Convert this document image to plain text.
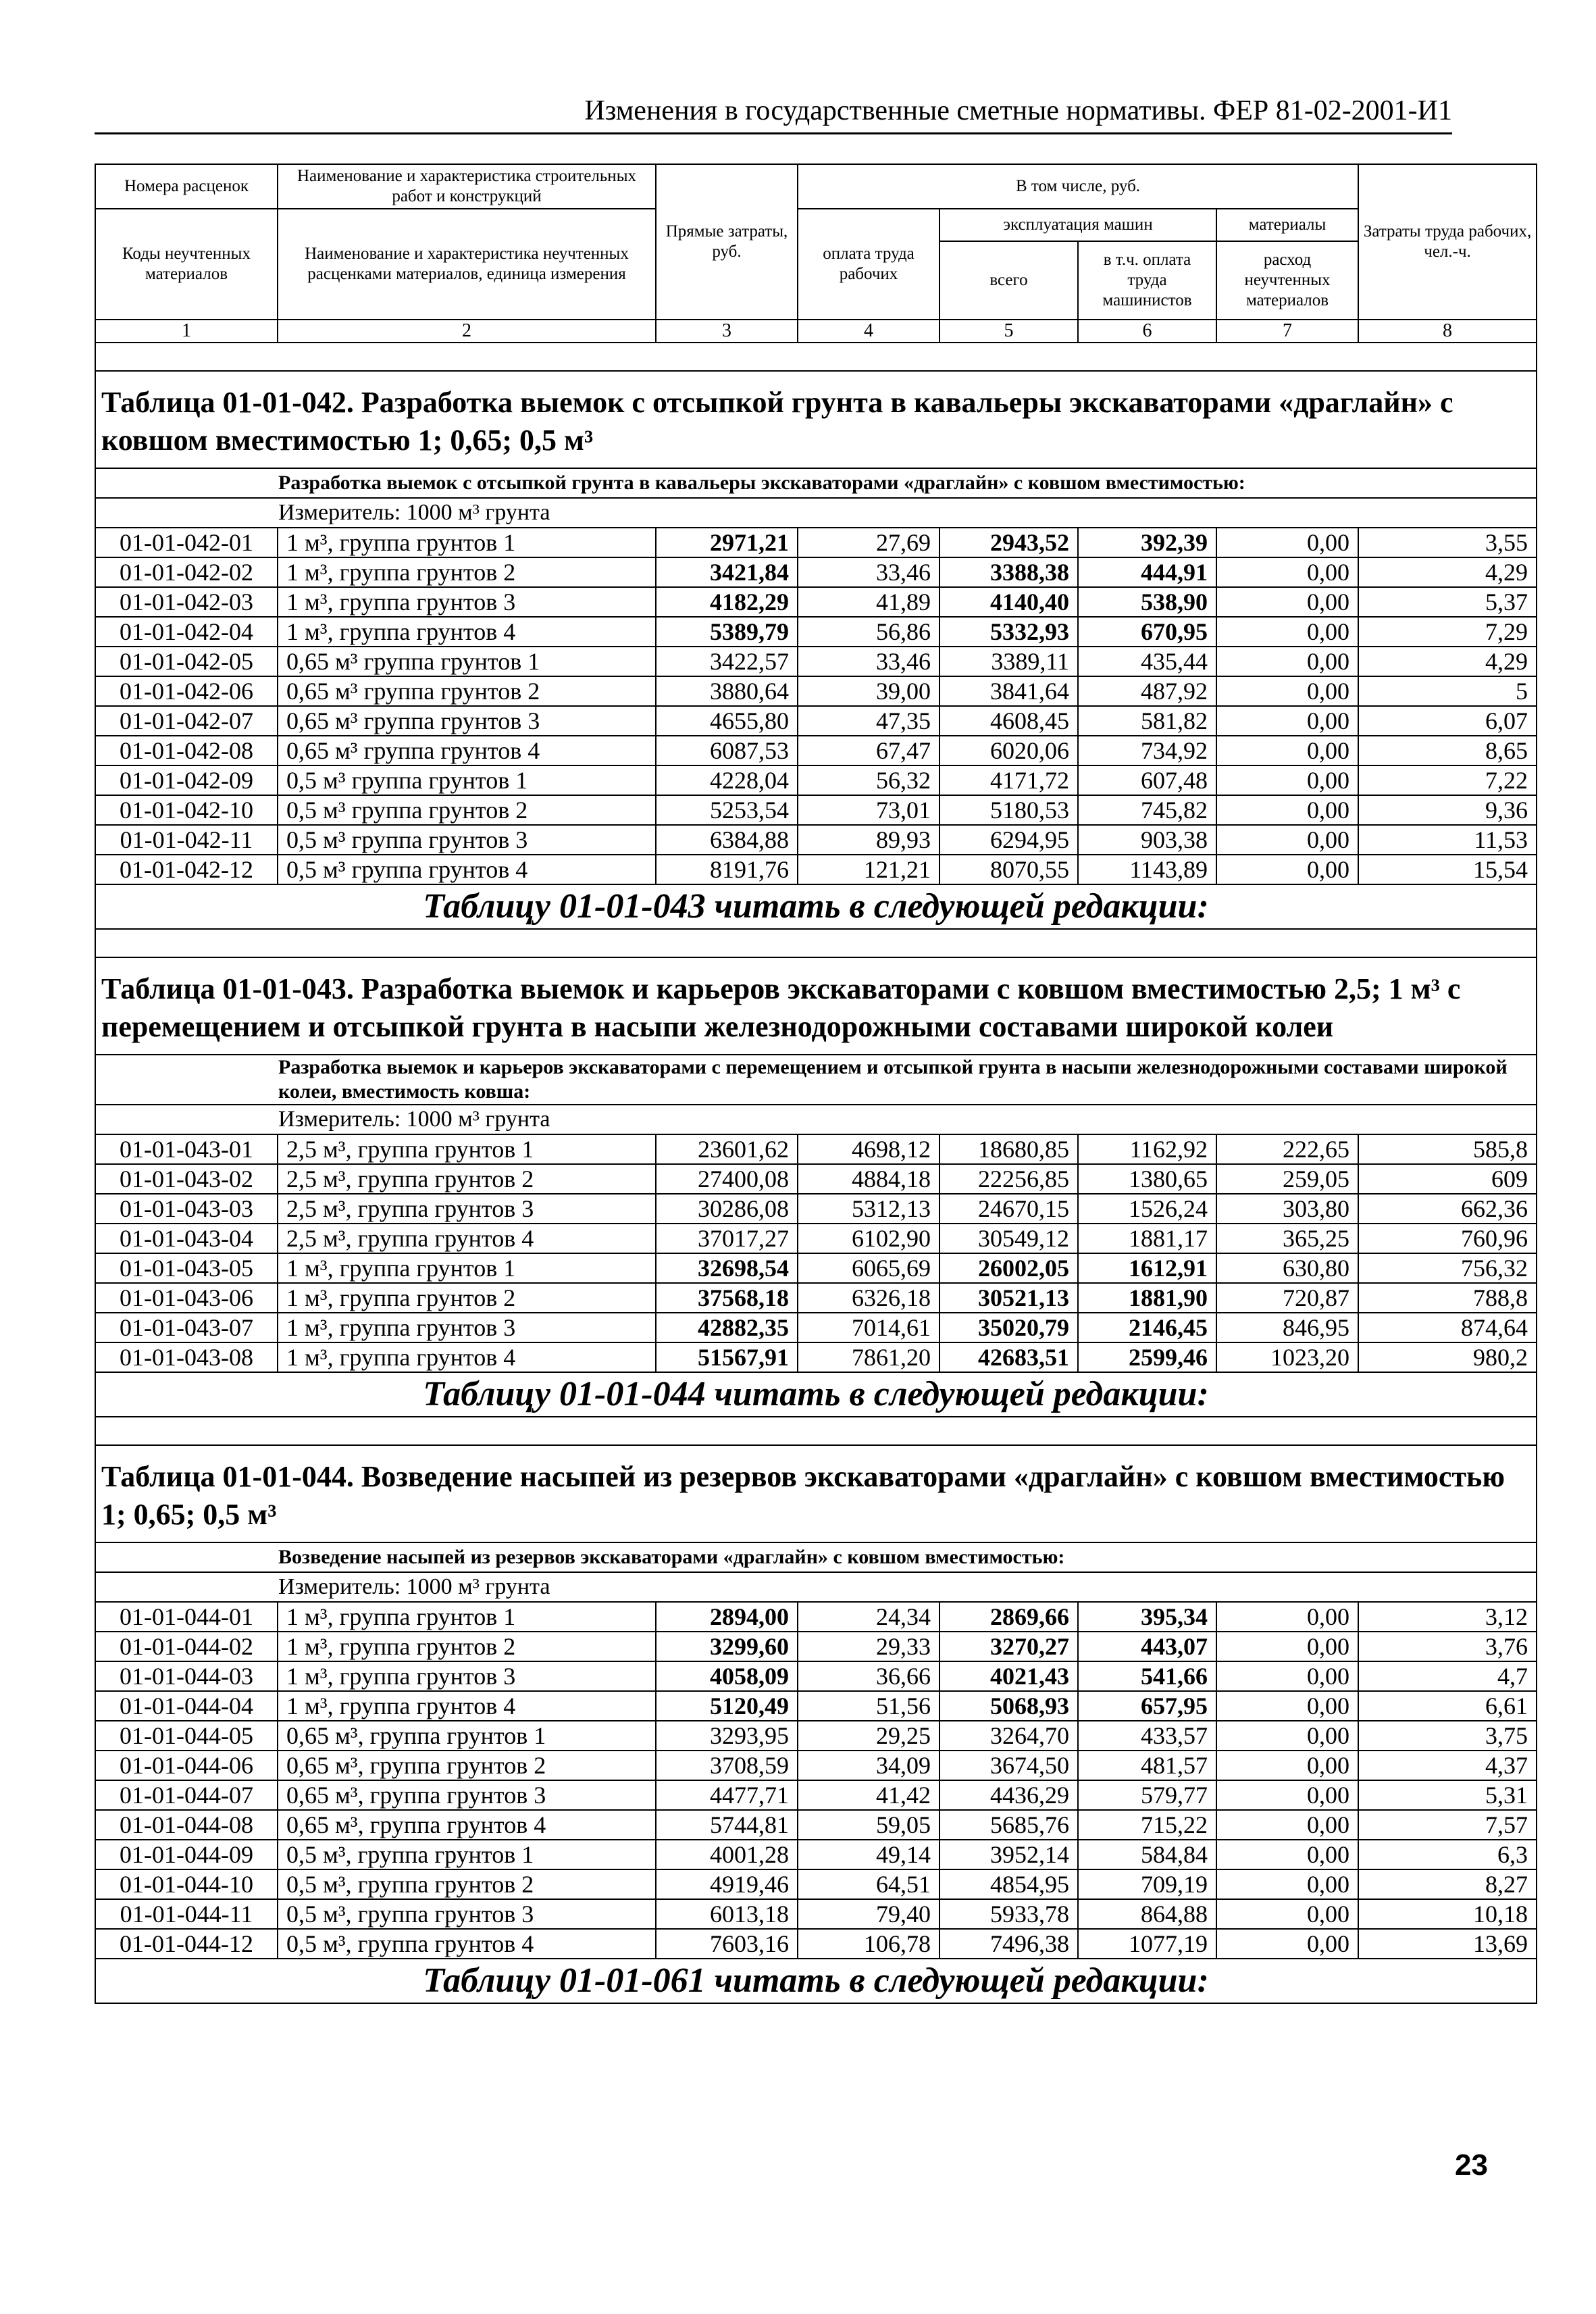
Изменения в государственные сметные нормативы. ФЕР 81-02-2001-И1
Номера расценок	Наименование и характеристика строительных работ и конструкций	Прямые затраты, руб.	В том числе, руб.				Затраты труда рабочих, чел.-ч.
Коды неучтенных материалов	Наименование и характеристика неучтенных расценками материалов, единица измерения		оплата труда рабочих	эксплуатация машин		материалы	
				всего	в т.ч. оплата труда машинистов	расход неучтенных материалов	
1	2	3	4	5	6	7	8

Таблица 01-01-042. Разработка выемок с отсыпкой грунта в кавальеры экскаваторами «драглайн» с ковшом вместимостью 1; 0,65; 0,5 м³							
Разработка выемок с отсыпкой грунта в кавальеры экскаваторами «драглайн» с ковшом вместимостью:							
Измеритель: 1000 м³ грунта							
01-01-042-01	1 м³, группа грунтов 1	2971,21	27,69	2943,52	392,39	0,00	3,55
01-01-042-02	1 м³, группа грунтов 2	3421,84	33,46	3388,38	444,91	0,00	4,29
01-01-042-03	1 м³, группа грунтов 3	4182,29	41,89	4140,40	538,90	0,00	5,37
01-01-042-04	1 м³, группа грунтов 4	5389,79	56,86	5332,93	670,95	0,00	7,29
01-01-042-05	0,65 м³ группа грунтов 1	3422,57	33,46	3389,11	435,44	0,00	4,29
01-01-042-06	0,65 м³ группа грунтов 2	3880,64	39,00	3841,64	487,92	0,00	5
01-01-042-07	0,65 м³ группа грунтов 3	4655,80	47,35	4608,45	581,82	0,00	6,07
01-01-042-08	0,65 м³ группа грунтов 4	6087,53	67,47	6020,06	734,92	0,00	8,65
01-01-042-09	0,5 м³ группа грунтов 1	4228,04	56,32	4171,72	607,48	0,00	7,22
01-01-042-10	0,5 м³ группа грунтов 2	5253,54	73,01	5180,53	745,82	0,00	9,36
01-01-042-11	0,5 м³ группа грунтов 3	6384,88	89,93	6294,95	903,38	0,00	11,53
01-01-042-12	0,5 м³ группа грунтов 4	8191,76	121,21	8070,55	1143,89	0,00	15,54
Таблицу 01-01-043 читать в следующей редакции:							

Таблица 01-01-043. Разработка выемок и карьеров экскаваторами с ковшом вместимостью 2,5; 1 м³ с перемещением и отсыпкой грунта в насыпи железнодорожными составами широкой колеи							
Разработка выемок и карьеров экскаваторами с перемещением и отсыпкой грунта в насыпи железнодорожными составами широкой колеи, вместимость ковша:							
Измеритель: 1000 м³ грунта							
01-01-043-01	2,5 м³, группа грунтов 1	23601,62	4698,12	18680,85	1162,92	222,65	585,8
01-01-043-02	2,5 м³, группа грунтов 2	27400,08	4884,18	22256,85	1380,65	259,05	609
01-01-043-03	2,5 м³, группа грунтов 3	30286,08	5312,13	24670,15	1526,24	303,80	662,36
01-01-043-04	2,5 м³, группа грунтов 4	37017,27	6102,90	30549,12	1881,17	365,25	760,96
01-01-043-05	1 м³, группа грунтов 1	32698,54	6065,69	26002,05	1612,91	630,80	756,32
01-01-043-06	1 м³, группа грунтов 2	37568,18	6326,18	30521,13	1881,90	720,87	788,8
01-01-043-07	1 м³, группа грунтов 3	42882,35	7014,61	35020,79	2146,45	846,95	874,64
01-01-043-08	1 м³, группа грунтов 4	51567,91	7861,20	42683,51	2599,46	1023,20	980,2
Таблицу 01-01-044 читать в следующей редакции:							

Таблица 01-01-044. Возведение насыпей из резервов экскаваторами «драглайн» с ковшом вместимостью 1; 0,65; 0,5 м³							
Возведение насыпей из резервов экскаваторами «драглайн» с ковшом вместимостью:							
Измеритель: 1000 м³ грунта							
01-01-044-01	1 м³, группа грунтов 1	2894,00	24,34	2869,66	395,34	0,00	3,12
01-01-044-02	1 м³, группа грунтов 2	3299,60	29,33	3270,27	443,07	0,00	3,76
01-01-044-03	1 м³, группа грунтов 3	4058,09	36,66	4021,43	541,66	0,00	4,7
01-01-044-04	1 м³, группа грунтов 4	5120,49	51,56	5068,93	657,95	0,00	6,61
01-01-044-05	0,65 м³, группа грунтов 1	3293,95	29,25	3264,70	433,57	0,00	3,75
01-01-044-06	0,65 м³, группа грунтов 2	3708,59	34,09	3674,50	481,57	0,00	4,37
01-01-044-07	0,65 м³, группа грунтов 3	4477,71	41,42	4436,29	579,77	0,00	5,31
01-01-044-08	0,65 м³, группа грунтов 4	5744,81	59,05	5685,76	715,22	0,00	7,57
01-01-044-09	0,5 м³, группа грунтов 1	4001,28	49,14	3952,14	584,84	0,00	6,3
01-01-044-10	0,5 м³, группа грунтов 2	4919,46	64,51	4854,95	709,19	0,00	8,27
01-01-044-11	0,5 м³, группа грунтов 3	6013,18	79,40	5933,78	864,88	0,00	10,18
01-01-044-12	0,5 м³, группа грунтов 4	7603,16	106,78	7496,38	1077,19	0,00	13,69
Таблицу 01-01-061 читать в следующей редакции:							
23
